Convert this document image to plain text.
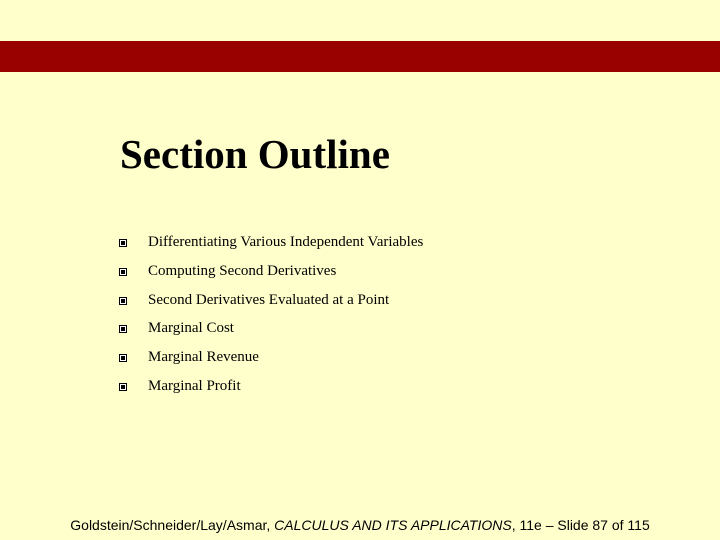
Section Outline
Differentiating Various Independent Variables
Computing Second Derivatives
Second Derivatives Evaluated at a Point
Marginal Cost
Marginal Revenue
Marginal Profit
Goldstein/Schneider/Lay/Asmar, CALCULUS AND ITS APPLICATIONS, 11e – Slide 87 of 115
